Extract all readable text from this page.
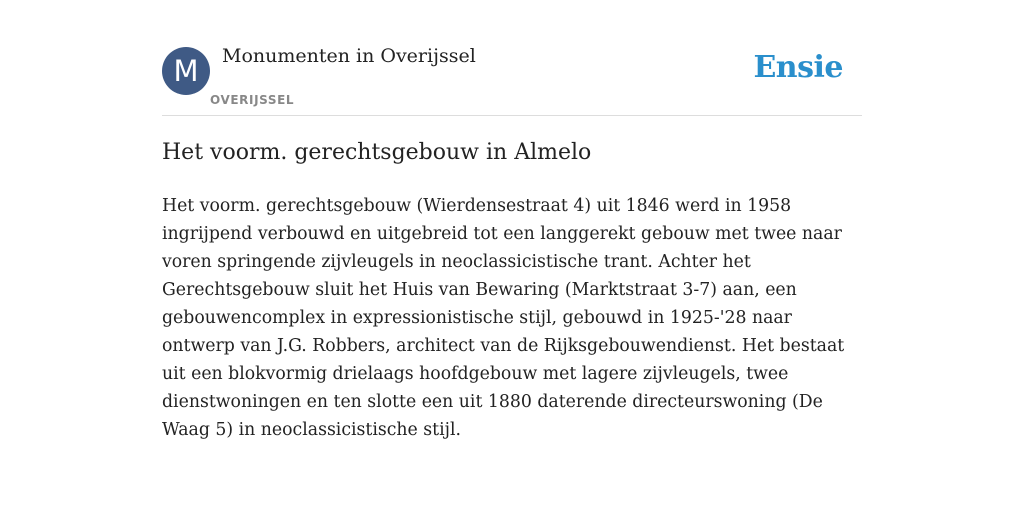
M	Monumenten in Overijssel
OVERIJSSEL
Ensie
Het voorm. gerechtsgebouw in Almelo

Het voorm. gerechtsgebouw (Wierdensestraat 4) uit 1846 werd in 1958 ingrijpend verbouwd en uitgebreid tot een langgerekt gebouw met twee naar voren springende zijvleugels in neoclassicistische trant. Achter het Gerechtsgebouw sluit het Huis van Bewaring (Marktstraat 3-7) aan, een gebouwencomplex in expressionistische stijl, gebouwd in 1925-'28 naar ontwerp van J.G. Robbers, architect van de Rijksgebouwendienst. Het bestaat uit een blokvormig drielaags hoofdgebouw met lagere zijvleugels, twee dienstwoningen en ten slotte een uit 1880 daterende directeurswoning (De Waag 5) in neoclassicistische stijl.
